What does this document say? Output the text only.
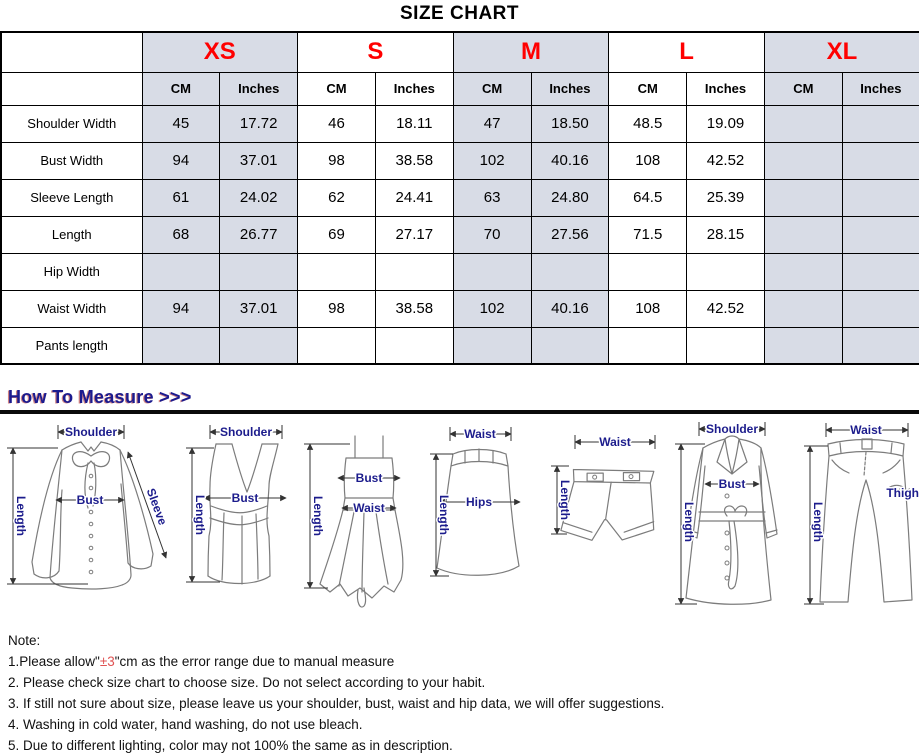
SIZE CHART
	XS		S		M		L		XL	
	CM	Inches	CM	Inches	CM	Inches	CM	Inches	CM	Inches
Shoulder Width	45	17.72	46	18.11	47	18.50	48.5	19.09		
Bust Width	94	37.01	98	38.58	102	40.16	108	42.52		
Sleeve Length	61	24.02	62	24.41	63	24.80	64.5	25.39		
Length	68	26.77	69	27.17	70	27.56	71.5	28.15		
Hip Width										
Waist Width	94	37.01	98	38.58	102	40.16	108	42.52		
Pants length										
How To Measure >>>
Shoulder
Length	Bust	Sleeve
Shoulder
Length Bust	Length
Bust
Waist
Waist
Length Hips
Waist
Length
Shoulder
Length
Bust
Waist
Length
Thigh
Note:
1.Please allow"±3"cm as the error range due to manual measure
2. Please check size chart to choose size. Do not select according to your habit.
3. If still not sure about size, please leave us your shoulder, bust, waist and hip data, we will offer suggestions.
4. Washing in cold water, hand washing, do not use bleach.
5. Due to different lighting, color may not 100% the same as in description.
